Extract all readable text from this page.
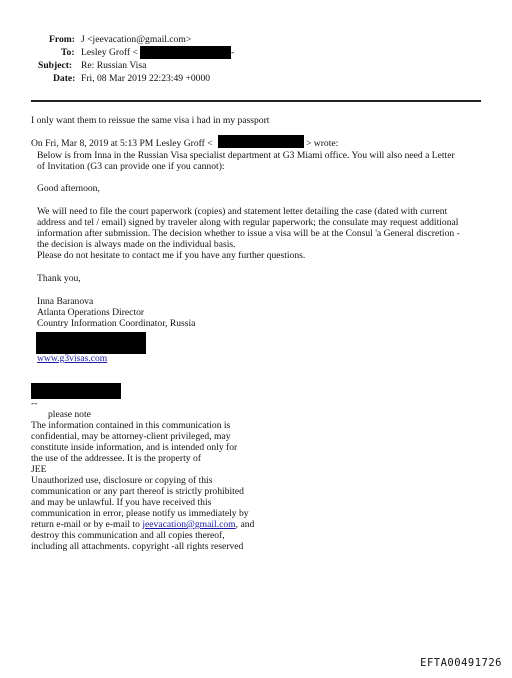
From: J <jeevacation@gmail.com>
To: Lesley Groff <	-
Subject: Re: Russian Visa
Date: Fri, 08 Mar 2019 22:23:49 +0000
I only want them to reissue the same visa i had in my passport
On Fri, Mar 8, 2019 at 5:13 PM Lesley Groff <	> wrote:
Below is from Inna in the Russian Visa specialist department at G3 Miami office. You will also need a Letter
of Invitation (G3 can provide one if you cannot):
Good afternoon,
We will need to file the court paperwork (copies) and statement letter detailing the case (dated with current
address and tel / email) signed by traveler along with regular paperwork; the consulate may request additional
information after submission. The decision whether to issue a visa will be at the Consul 'a General discretion -
the decision is always made on the individual basis.
Please do not hesitate to contact me if you have any further questions.
Thank you,
Inna Baranova
Atlanta Operations Director
Country Information Coordinator, Russia
www.g3visas.com
--
please note
The information contained in this communication is
confidential, may be attorney-client privileged, may
constitute inside information, and is intended only for
the use of the addressee. It is the property of
JEE
Unauthorized use, disclosure or copying of this
communication or any part thereof is strictly prohibited
and may be unlawful. If you have received this
communication in error, please notify us immediately by
return e-mail or by e-mail to jeevacation@gmail.com, and
destroy this communication and all copies thereof,
including all attachments. copyright -all rights reserved
EFTA00491726
